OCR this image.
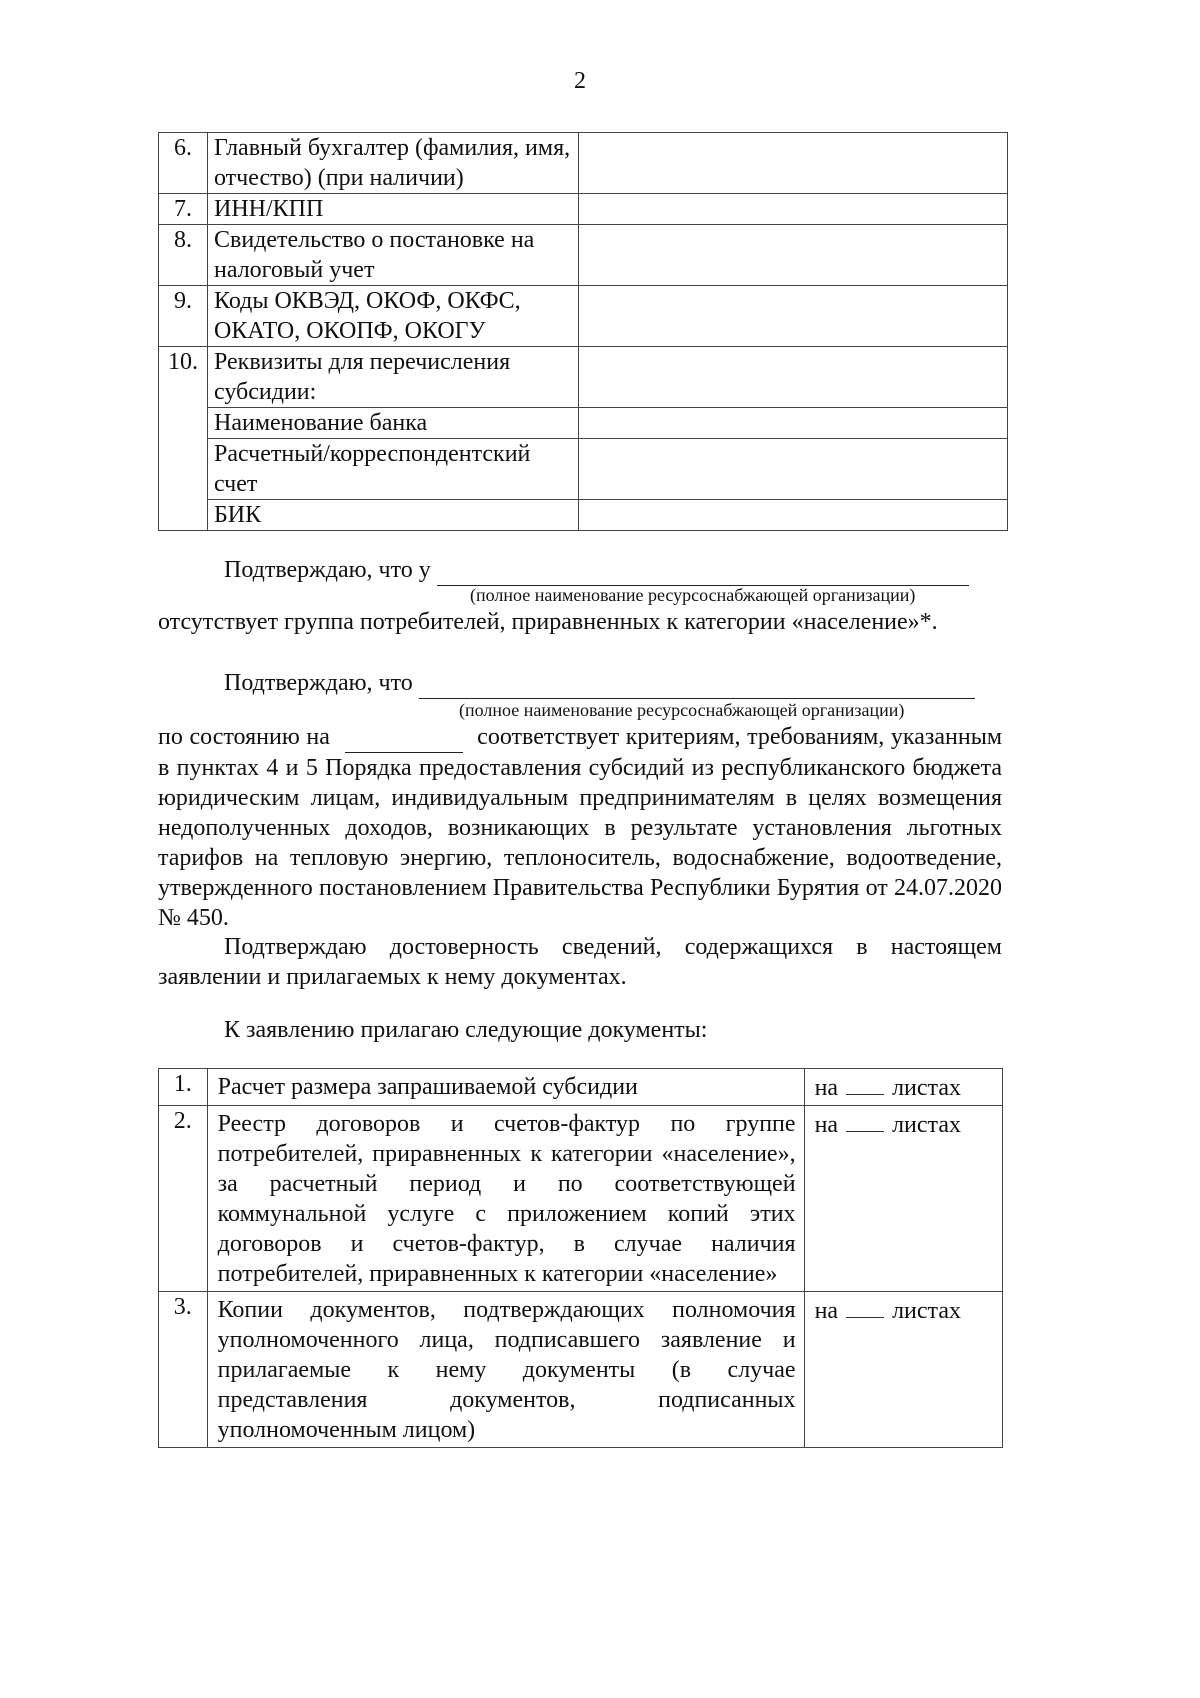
2
6.	Главный бухгалтер (фамилия, имя, отчество) (при наличии)	
7.	ИНН/КПП	
8.	Свидетельство о постановке на налоговый учет	
9.	Коды ОКВЭД, ОКОФ, ОКФС, ОКАТО, ОКОПФ, ОКОГУ	
10.	Реквизиты для перечисления субсидии:	
	Наименование банка	
	Расчетный/корреспондентский счет	
	БИК	
Подтверждаю, что у
(полное наименование ресурсоснабжающей организации)
отсутствует группа потребителей, приравненных к категории «население»*.
Подтверждаю, что
(полное наименование ресурсоснабжающей организации)
по состоянию на	соответствует критериям, требованиям, указанным в пунктах 4 и 5 Порядка предоставления субсидий из республиканского бюджета юридическим лицам, индивидуальным предпринимателям в целях возмещения недополученных доходов, возникающих в результате установления льготных тарифов на тепловую энергию, теплоноситель, водоснабжение, водоотведение, утвержденного постановлением Правительства Республики Бурятия от 24.07.2020 № 450.
Подтверждаю достоверность сведений, содержащихся в настоящем заявлении и прилагаемых к нему документах.
К заявлению прилагаю следующие документы:
1.	Расчет размера запрашиваемой субсидии	на листах
2.	Реестр договоров и счетов-фактур по группе потребителей, приравненных к категории «население», за расчетный период и по соответствующей коммунальной услуге с приложением копий этих договоров и счетов-фактур, в случае наличия потребителей, приравненных к категории «население»	на листах
3.	Копии документов, подтверждающих полномочия уполномоченного лица, подписавшего заявление и прилагаемые к нему документы (в случае представления документов, подписанных уполномоченным лицом)	на листах
